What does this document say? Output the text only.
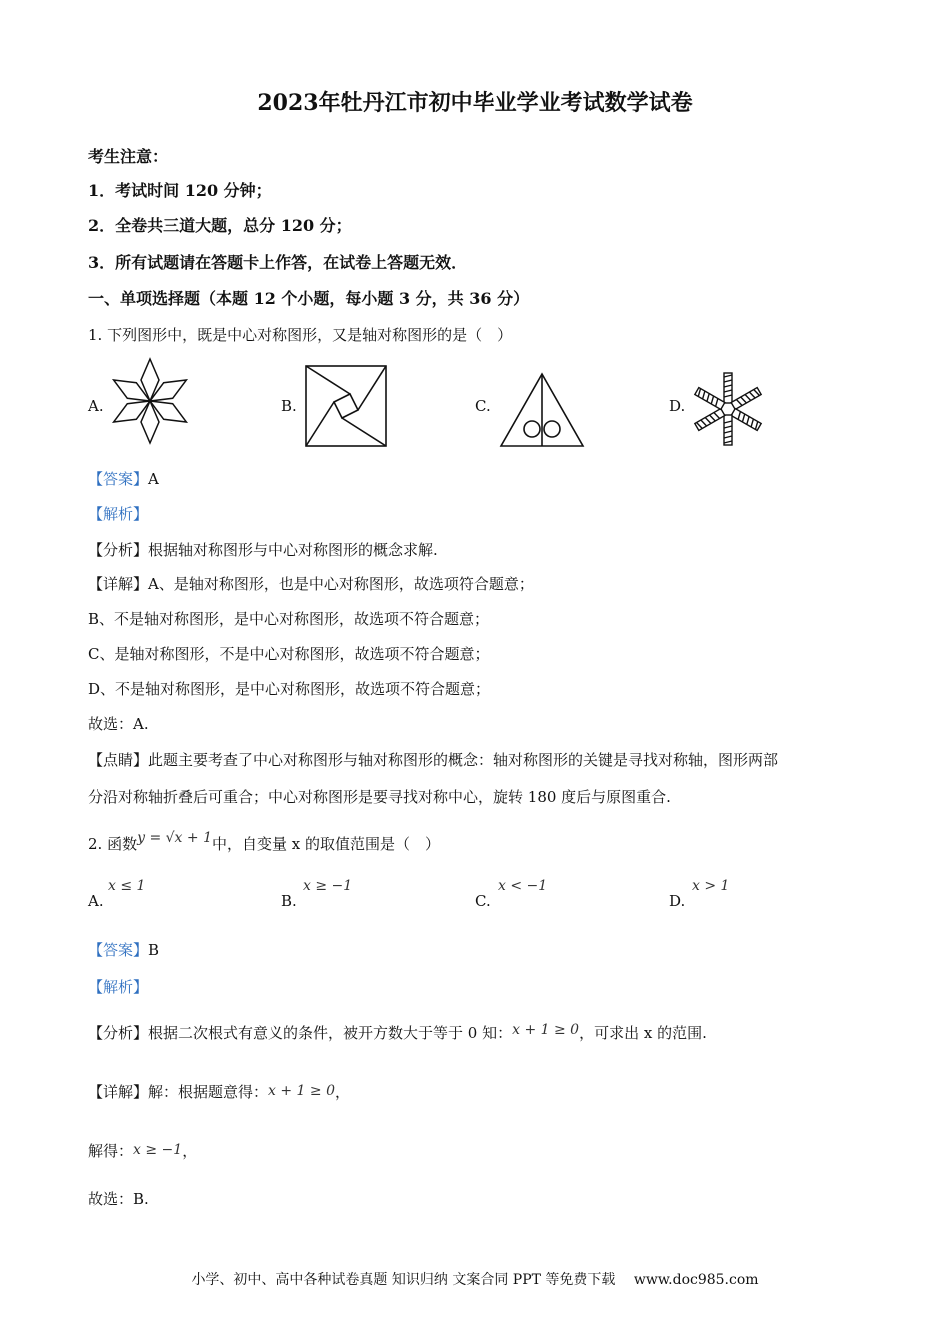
2023年牡丹江市初中毕业学业考试数学试卷
考生注意：
1．考试时间 120 分钟；
2．全卷共三道大题，总分 120 分；
3．所有试题请在答题卡上作答，在试卷上答题无效．
一、单项选择题（本题 12 个小题，每小题 3 分，共 36 分）
1. 下列图形中，既是中心对称图形，又是轴对称图形的是（　）
A.	B.	C.	D.
【答案】A
【解析】
【分析】根据轴对称图形与中心对称图形的概念求解.
【详解】A、是轴对称图形，也是中心对称图形，故选项符合题意；
B、不是轴对称图形，是中心对称图形，故选项不符合题意；
C、是轴对称图形，不是中心对称图形，故选项不符合题意；
D、不是轴对称图形，是中心对称图形，故选项不符合题意；
故选：A.
【点睛】此题主要考查了中心对称图形与轴对称图形的概念：轴对称图形的关键是寻找对称轴，图形两部
分沿对称轴折叠后可重合；中心对称图形是要寻找对称中心，旋转 180 度后与原图重合.
2. 函数y = √x + 1中，自变量 x 的取值范围是（　）
A.
x ≤ 1
B.
x ≥ −1
C.
x < −1
D.
x > 1
【答案】B
【解析】
【分析】根据二次根式有意义的条件，被开方数大于等于 0 知：x + 1 ≥ 0，可求出 x 的范围.
【详解】解：根据题意得：x + 1 ≥ 0，
解得：x ≥ −1，
故选：B.
小学、初中、高中各种试卷真题 知识归纳 文案合同 PPT 等免费下载　 www.doc985.com
